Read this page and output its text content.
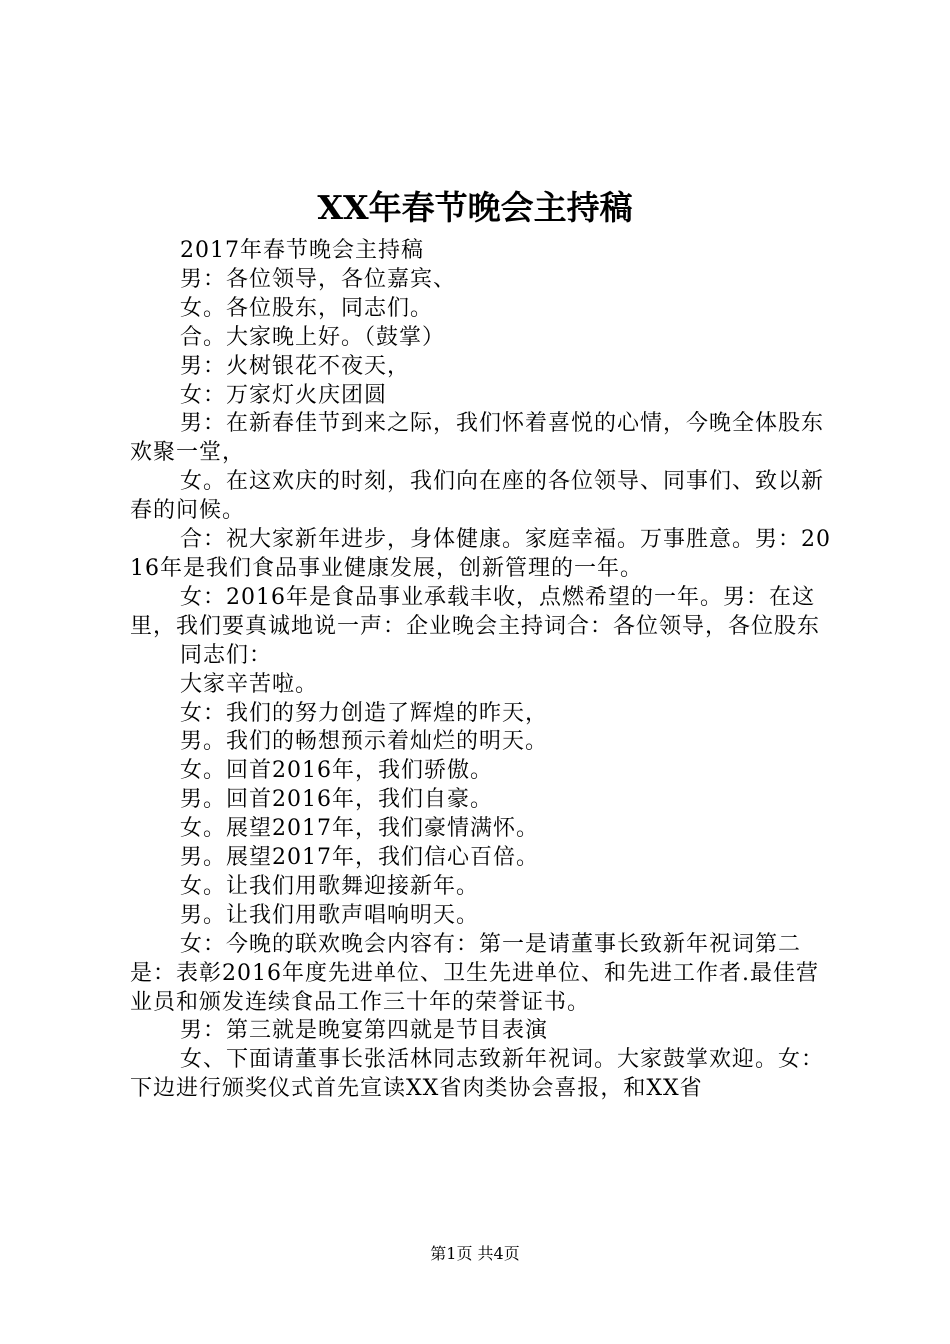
XX年春节晚会主持稿

2017年春节晚会主持稿

男：各位领导，各位嘉宾、

女。各位股东，同志们。

合。大家晚上好。（鼓掌）

男：火树银花不夜天，

女：万家灯火庆团圆

男：在新春佳节到来之际，我们怀着喜悦的心情，今晚全体股东欢聚一堂，

女。在这欢庆的时刻，我们向在座的各位领导、同事们、致以新春的问候。

合：祝大家新年进步，身体健康。家庭幸福。万事胜意。男：2016年是我们食品事业健康发展，创新管理的一年。

女：2016年是食品事业承载丰收，点燃希望的一年。男：在这里，我们要真诚地说一声：企业晚会主持词合：各位领导，各位股东

同志们：

大家辛苦啦。

女：我们的努力创造了辉煌的昨天，

男。我们的畅想预示着灿烂的明天。

女。回首2016年，我们骄傲。

男。回首2016年，我们自豪。

女。展望2017年，我们豪情满怀。

男。展望2017年，我们信心百倍。

女。让我们用歌舞迎接新年。

男。让我们用歌声唱响明天。

女：今晚的联欢晚会内容有：第一是请董事长致新年祝词第二是：表彰2016年度先进单位、卫生先进单位、和先进工作者.最佳营业员和颁发连续食品工作三十年的荣誉证书。

男：第三就是晚宴第四就是节目表演

女、下面请董事长张活林同志致新年祝词。大家鼓掌欢迎。女：下边进行颁奖仪式首先宣读XX省肉类协会喜报，和XX省

第1页 共4页
